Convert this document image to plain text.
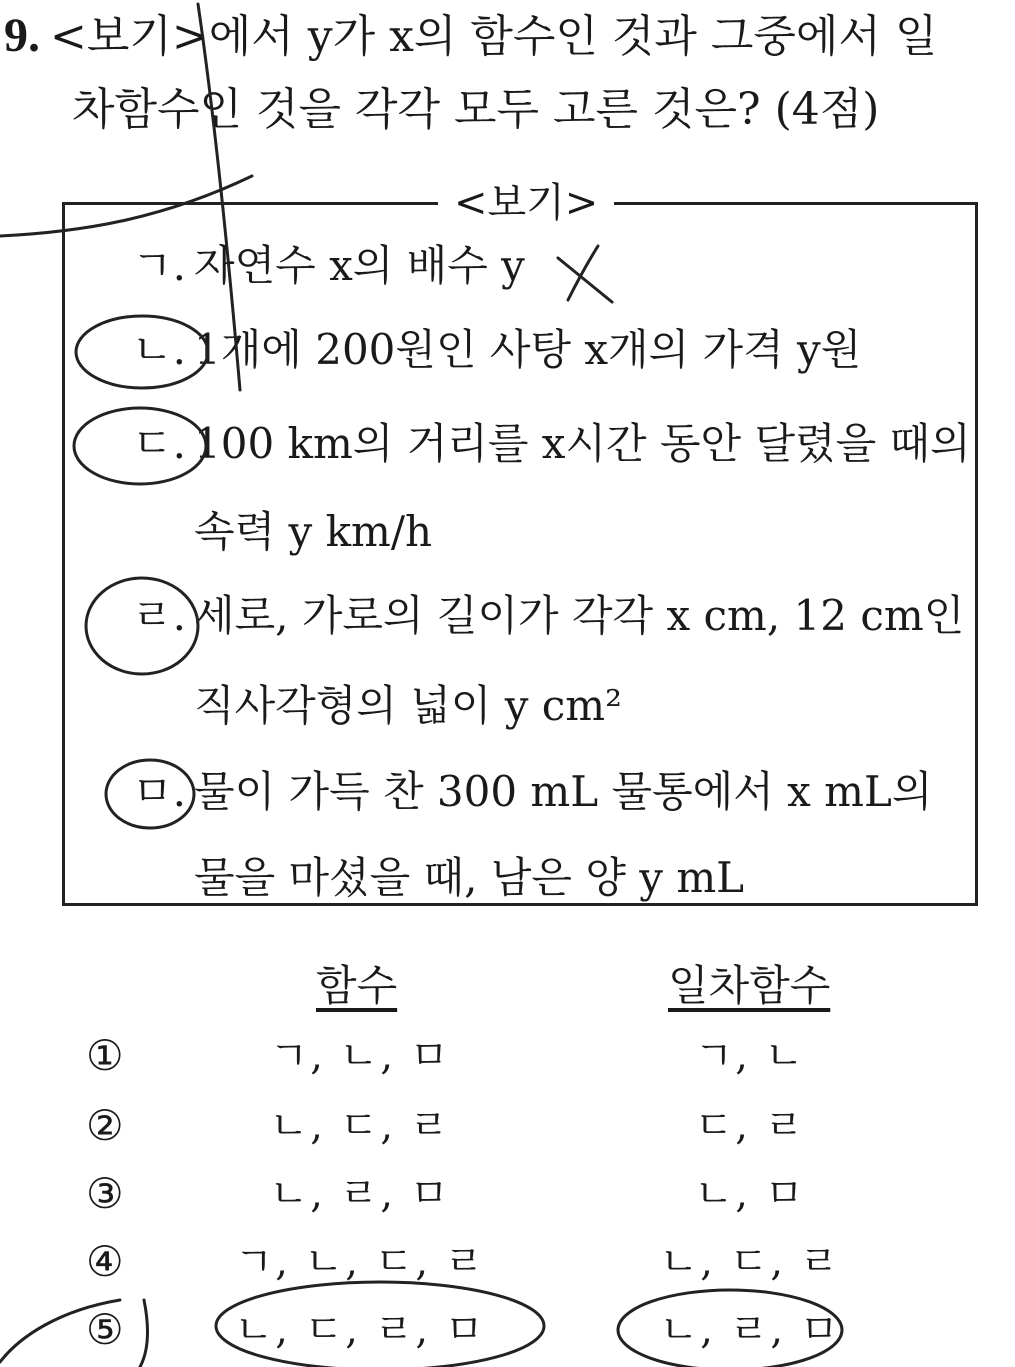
9. <보기>에서 y가 x의 함수인 것과 그중에서 일
차함수인 것을 각각 모두 고른 것은? (4점)
<보기>
ㄱ. 자연수 x의 배수 y
ㄴ. 1개에 200원인 사탕 x개의 가격 y원
ㄷ. 100 km의 거리를 x시간 동안 달렸을 때의
속력 y km/h
ㄹ. 세로, 가로의 길이가 각각 x cm, 12 cm인
직사각형의 넓이 y cm²
ㅁ. 물이 가득 찬 300 mL 물통에서 x mL의
물을 마셨을 때, 남은 양 y mL
함수	일차함수
①	ㄱ, ㄴ, ㅁ	ㄱ, ㄴ
②	ㄴ, ㄷ, ㄹ	ㄷ, ㄹ
③	ㄴ, ㄹ, ㅁ	ㄴ, ㅁ
④	ㄱ, ㄴ, ㄷ, ㄹ	ㄴ, ㄷ, ㄹ
⑤	ㄴ, ㄷ, ㄹ, ㅁ	ㄴ, ㄹ, ㅁ
